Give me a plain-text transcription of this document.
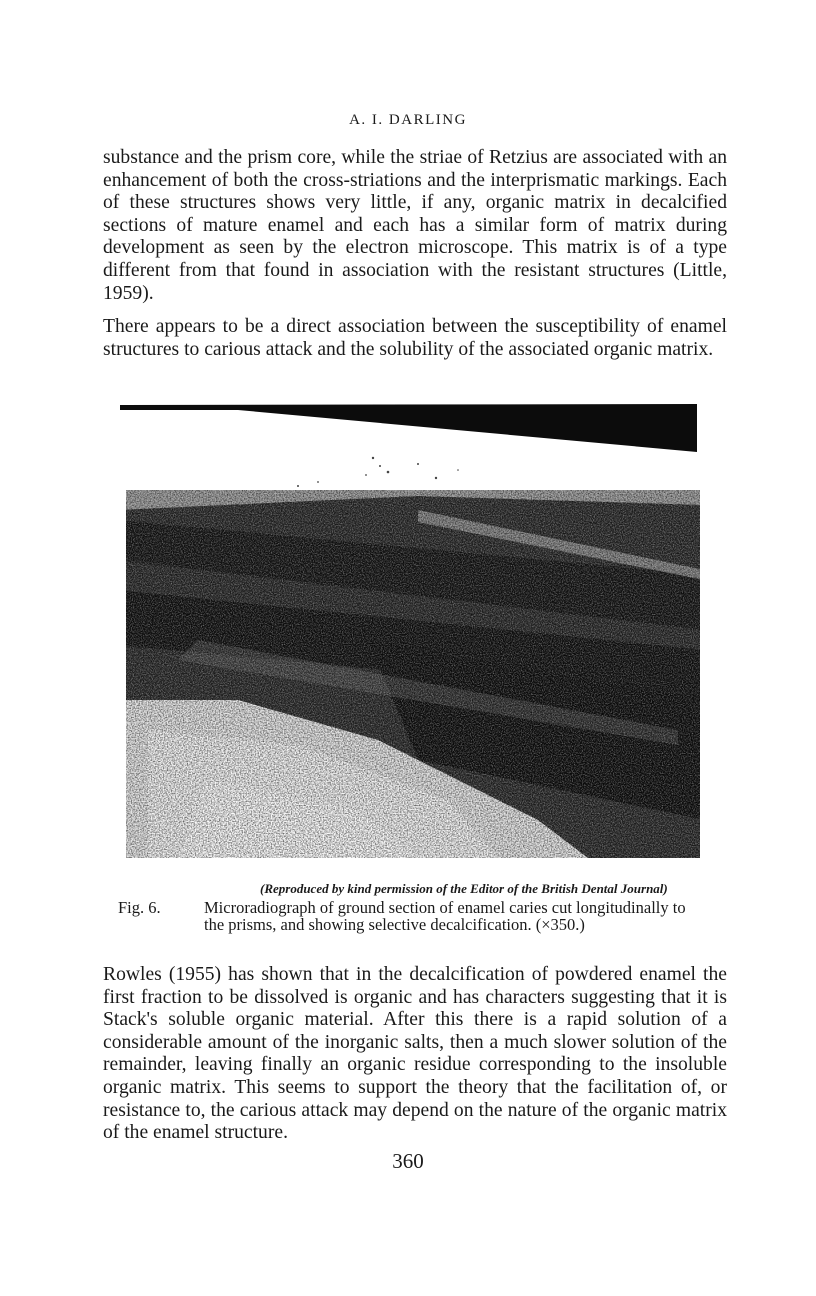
A. I. DARLING

substance and the prism core, while the striae of Retzius are associated with an enhancement of both the cross-striations and the interprismatic markings. Each of these structures shows very little, if any, organic matrix in decalcified sections of mature enamel and each has a similar form of matrix during development as seen by the electron microscope. This matrix is of a type different from that found in association with the resistant structures (Little, 1959).

There appears to be a direct association between the susceptibility of enamel structures to carious attack and the solubility of the associated organic matrix.

(Reproduced by kind permission of the Editor of the British Dental Journal)
Fig. 6.	Microradiograph of ground section of enamel caries cut longitudinally to
the prisms, and showing selective decalcification. (×350.)

Rowles (1955) has shown that in the decalcification of powdered enamel the first fraction to be dissolved is organic and has characters suggesting that it is Stack's soluble organic material. After this there is a rapid solution of a considerable amount of the inorganic salts, then a much slower solution of the remainder, leaving finally an organic residue corresponding to the insoluble organic matrix. This seems to support the theory that the facilitation of, or resistance to, the carious attack may depend on the nature of the organic matrix of the enamel structure.

360
